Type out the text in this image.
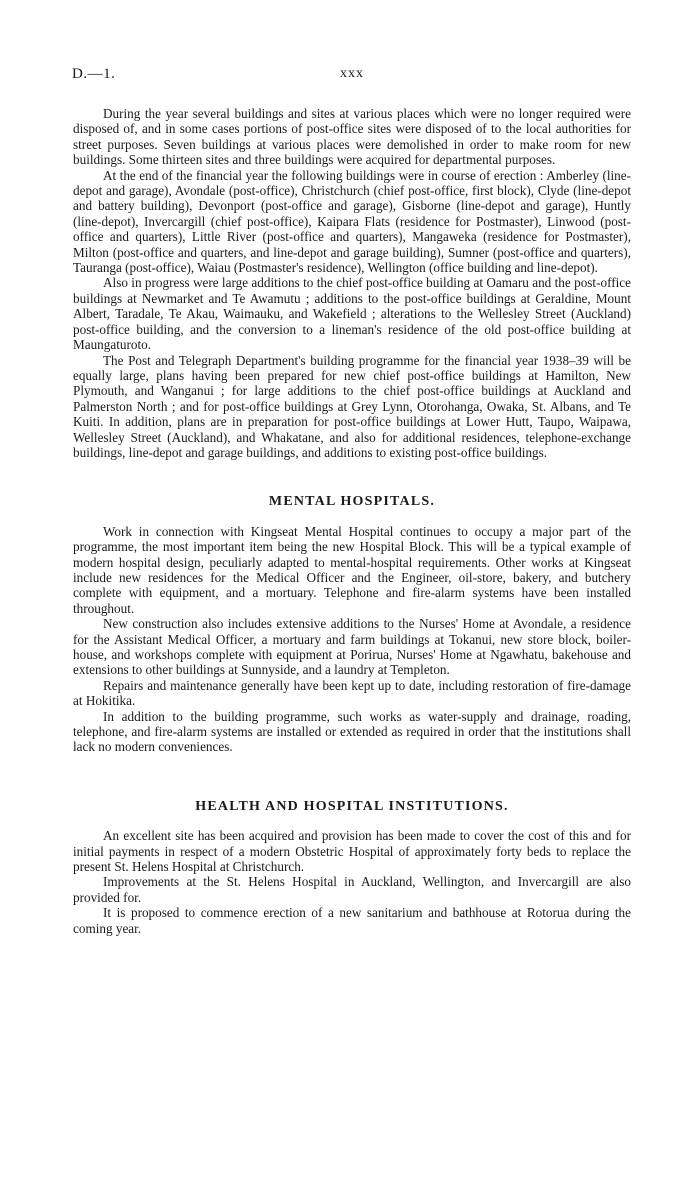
D.—1.	xxx

During the year several buildings and sites at various places which were no longer required were disposed of, and in some cases portions of post-office sites were disposed of to the local authorities for street purposes. Seven buildings at various places were demolished in order to make room for new buildings. Some thirteen sites and three buildings were acquired for departmental purposes.

At the end of the financial year the following buildings were in course of erection : Amberley (line-depot and garage), Avondale (post-office), Christchurch (chief post-office, first block), Clyde (line-depot and battery building), Devonport (post-office and garage), Gisborne (line-depot and garage), Huntly (line-depot), Invercargill (chief post-office), Kaipara Flats (residence for Postmaster), Linwood (post-office and quarters), Little River (post-office and quarters), Mangaweka (residence for Postmaster), Milton (post-office and quarters, and line-depot and garage building), Sumner (post-office and quarters), Tauranga (post-office), Waiau (Postmaster's residence), Wellington (office building and line-depot).

Also in progress were large additions to the chief post-office building at Oamaru and the post-office buildings at Newmarket and Te Awamutu ; additions to the post-office buildings at Geraldine, Mount Albert, Taradale, Te Akau, Waimauku, and Wakefield ; alterations to the Wellesley Street (Auckland) post-office building, and the conversion to a lineman's residence of the old post-office building at Maungaturoto.

The Post and Telegraph Department's building programme for the financial year 1938–39 will be equally large, plans having been prepared for new chief post-office buildings at Hamilton, New Plymouth, and Wanganui ; for large additions to the chief post-office buildings at Auckland and Palmerston North ; and for post-office buildings at Grey Lynn, Otorohanga, Owaka, St. Albans, and Te Kuiti. In addition, plans are in preparation for post-office buildings at Lower Hutt, Taupo, Waipawa, Wellesley Street (Auckland), and Whakatane, and also for additional residences, telephone-exchange buildings, line-depot and garage buildings, and additions to existing post-office buildings.

MENTAL HOSPITALS.

Work in connection with Kingseat Mental Hospital continues to occupy a major part of the programme, the most important item being the new Hospital Block. This will be a typical example of modern hospital design, peculiarly adapted to mental-hospital requirements. Other works at Kingseat include new residences for the Medical Officer and the Engineer, oil-store, bakery, and butchery complete with equipment, and a mortuary. Telephone and fire-alarm systems have been installed throughout.

New construction also includes extensive additions to the Nurses' Home at Avondale, a residence for the Assistant Medical Officer, a mortuary and farm buildings at Tokanui, new store block, boiler-house, and workshops complete with equipment at Porirua, Nurses' Home at Ngawhatu, bakehouse and extensions to other buildings at Sunnyside, and a laundry at Templeton.

Repairs and maintenance generally have been kept up to date, including restoration of fire-damage at Hokitika.

In addition to the building programme, such works as water-supply and drainage, roading, telephone, and fire-alarm systems are installed or extended as required in order that the institutions shall lack no modern conveniences.

HEALTH AND HOSPITAL INSTITUTIONS.

An excellent site has been acquired and provision has been made to cover the cost of this and for initial payments in respect of a modern Obstetric Hospital of approximately forty beds to replace the present St. Helens Hospital at Christchurch.

Improvements at the St. Helens Hospital in Auckland, Wellington, and Invercargill are also provided for.

It is proposed to commence erection of a new sanitarium and bathhouse at Rotorua during the coming year.
